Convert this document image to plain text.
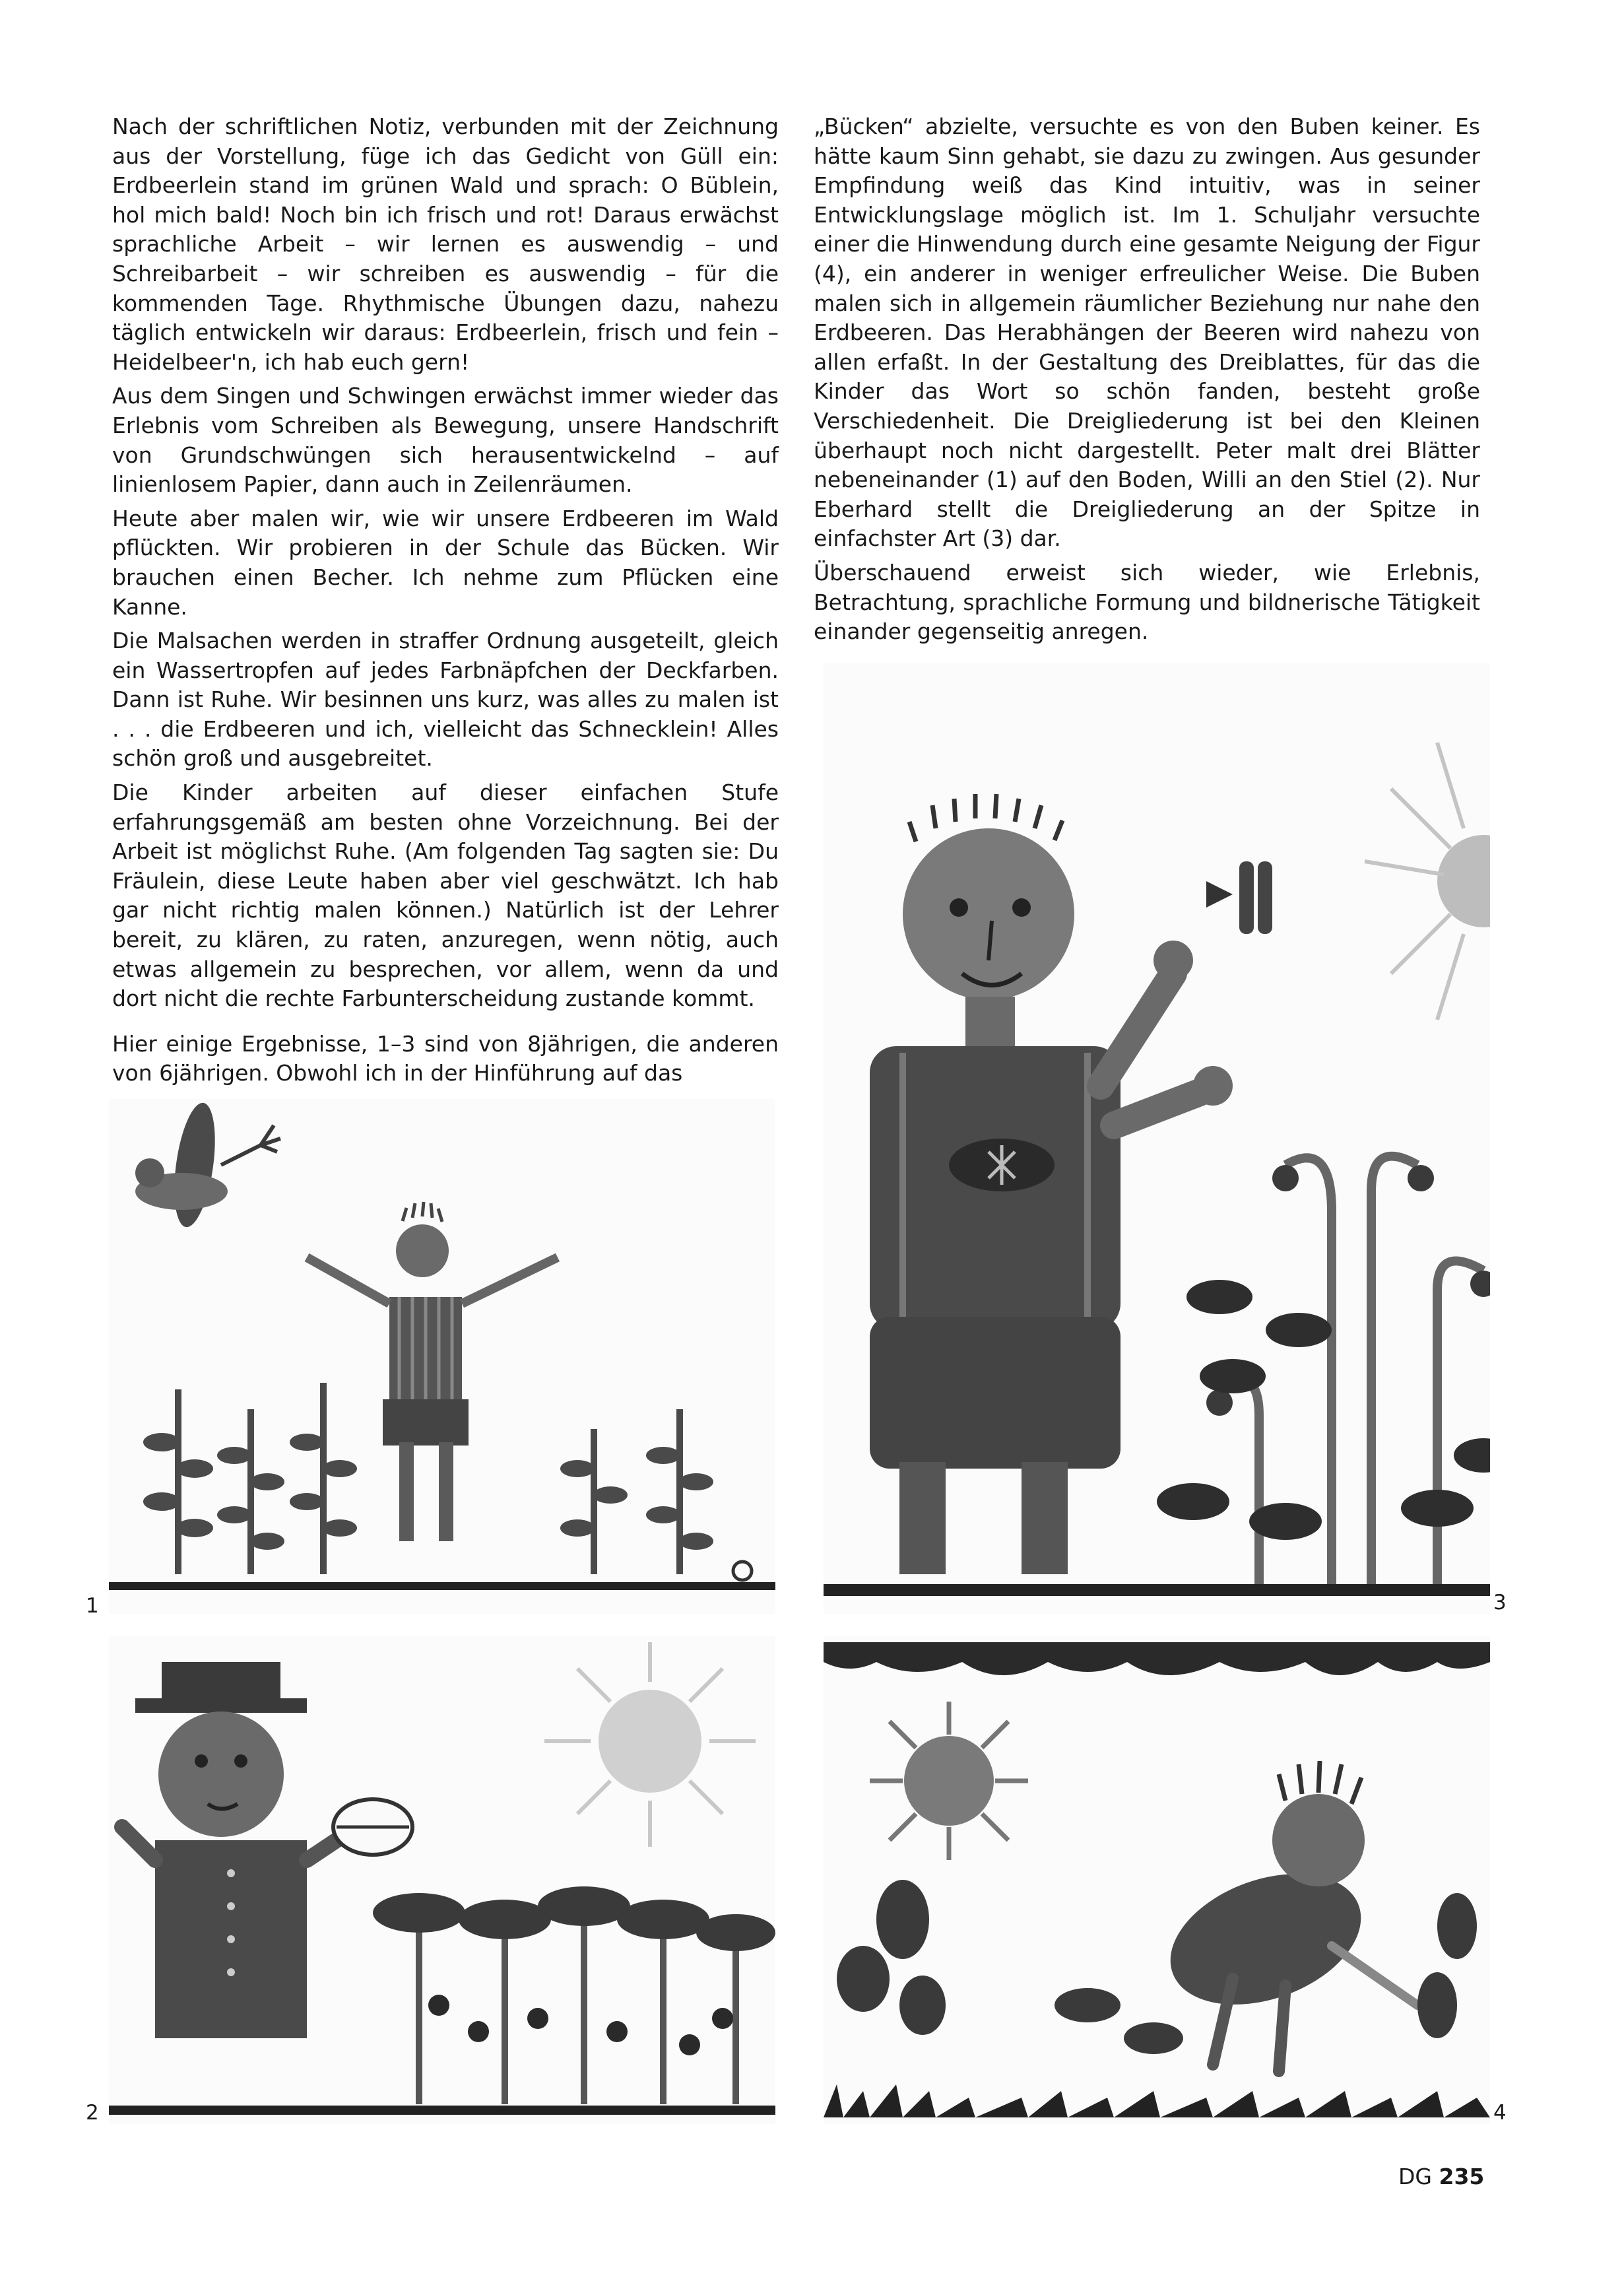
Nach der schriftlichen Notiz, verbunden mit der Zeichnung aus der Vorstellung, füge ich das Gedicht von Güll ein: Erdbeerlein stand im grünen Wald und sprach: O Büblein, hol mich bald! Noch bin ich frisch und rot! Daraus erwächst sprachliche Arbeit – wir lernen es auswendig – und Schreibarbeit – wir schreiben es auswendig – für die kommenden Tage. Rhythmische Übungen dazu, nahezu täglich entwickeln wir daraus: Erdbeerlein, frisch und fein – Heidelbeer'n, ich hab euch gern!

Aus dem Singen und Schwingen erwächst immer wieder das Erlebnis vom Schreiben als Bewegung, unsere Handschrift von Grundschwüngen sich herausentwickelnd – auf linienlosem Papier, dann auch in Zeilenräumen.

Heute aber malen wir, wie wir unsere Erdbeeren im Wald pflückten. Wir probieren in der Schule das Bücken. Wir brauchen einen Becher. Ich nehme zum Pflücken eine Kanne.

Die Malsachen werden in straffer Ordnung ausgeteilt, gleich ein Wassertropfen auf jedes Farbnäpfchen der Deckfarben. Dann ist Ruhe. Wir besinnen uns kurz, was alles zu malen ist . . . die Erdbeeren und ich, vielleicht das Schnecklein! Alles schön groß und ausgebreitet.

Die Kinder arbeiten auf dieser einfachen Stufe erfahrungsgemäß am besten ohne Vorzeichnung. Bei der Arbeit ist möglichst Ruhe. (Am folgenden Tag sagten sie: Du Fräulein, diese Leute haben aber viel geschwätzt. Ich hab gar nicht richtig malen können.) Natürlich ist der Lehrer bereit, zu klären, zu raten, anzuregen, wenn nötig, auch etwas allgemein zu besprechen, vor allem, wenn da und dort nicht die rechte Farbunterscheidung zustande kommt.

Hier einige Ergebnisse, 1–3 sind von 8jährigen, die anderen von 6jährigen. Obwohl ich in der Hinführung auf das

„Bücken“ abzielte, versuchte es von den Buben keiner. Es hätte kaum Sinn gehabt, sie dazu zu zwingen. Aus gesunder Empfindung weiß das Kind intuitiv, was in seiner Entwicklungslage möglich ist. Im 1. Schuljahr versuchte einer die Hinwendung durch eine gesamte Neigung der Figur (4), ein anderer in weniger erfreulicher Weise. Die Buben malen sich in allgemein räumlicher Beziehung nur nahe den Erdbeeren. Das Herabhängen der Beeren wird nahezu von allen erfaßt. In der Gestaltung des Dreiblattes, für das die Kinder das Wort so schön fanden, besteht große Verschiedenheit. Die Dreigliederung ist bei den Kleinen überhaupt noch nicht dargestellt. Peter malt drei Blätter nebeneinander (1) auf den Boden, Willi an den Stiel (2). Nur Eberhard stellt die Dreigliederung an der Spitze in einfachster Art (3) dar.

Überschauend erweist sich wieder, wie Erlebnis, Betrachtung, sprachliche Formung und bildnerische Tätigkeit einander gegenseitig anregen.

1	3
2	4
DG 235
